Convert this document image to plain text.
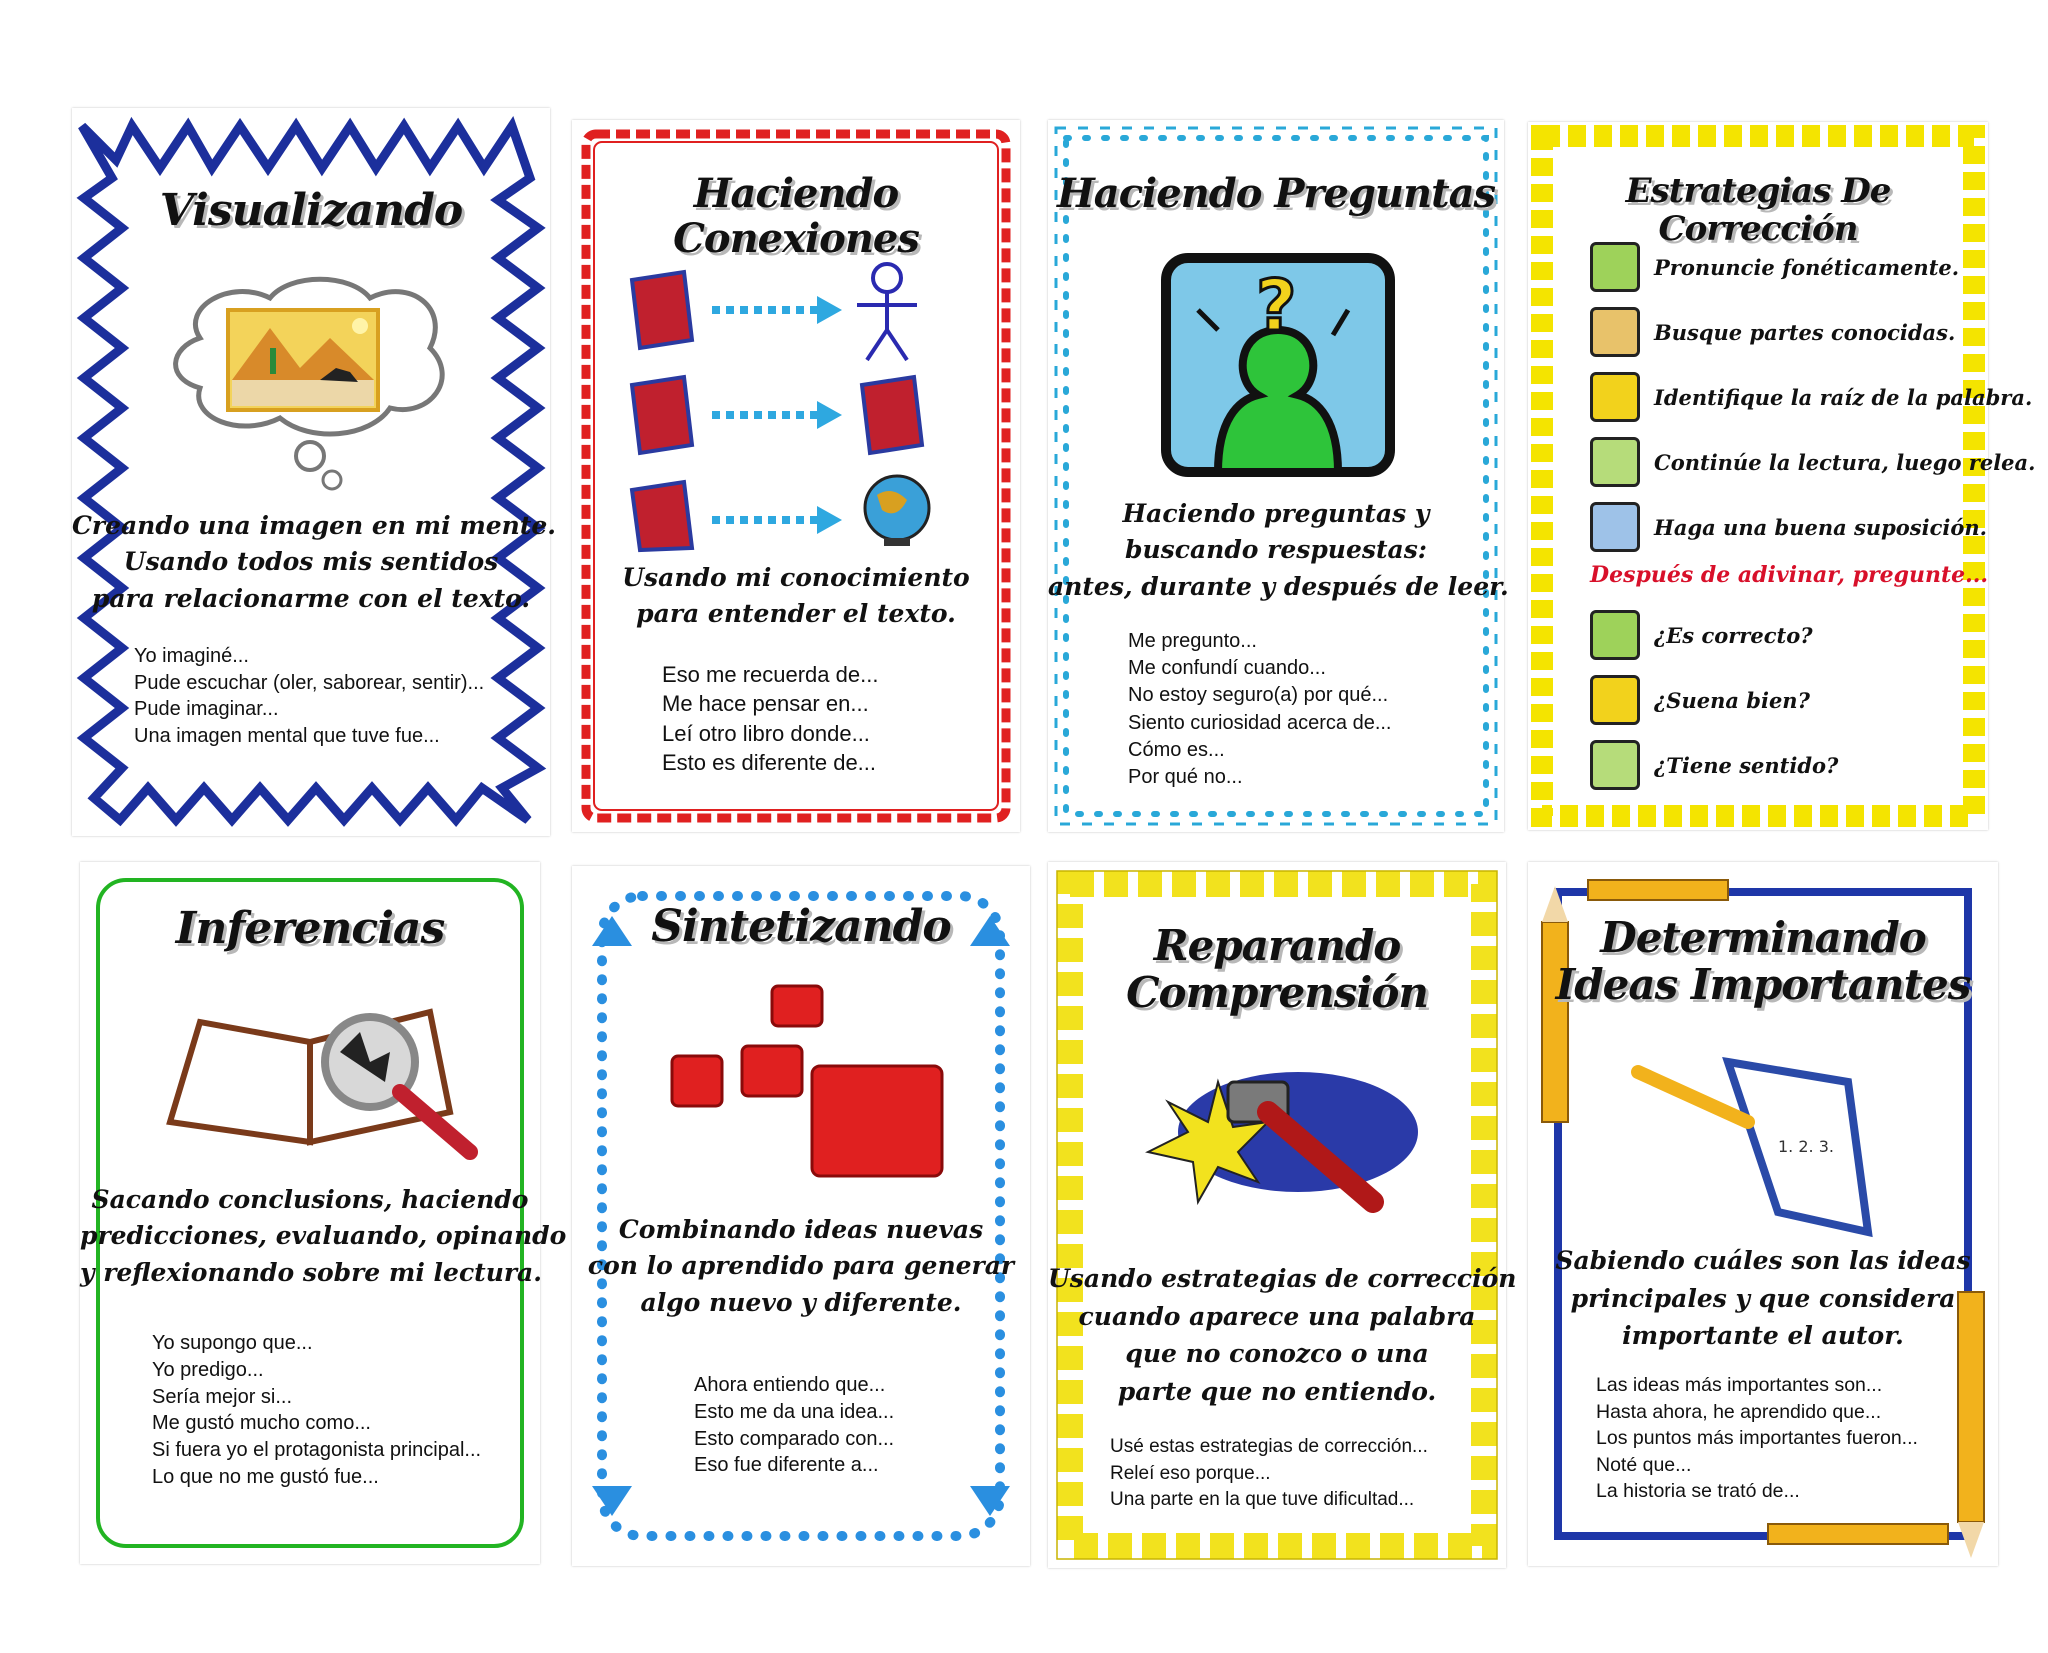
Visualizando
Creando una imagen en mi mente.
Usando todos mis sentidos
para relacionarme con el texto.
Yo imaginé...
Pude escuchar (oler, saborear, sentir)...
Pude imaginar...
Una imagen mental que tuve fue...
Haciendo Conexiones
Usando mi conocimiento
para entender el texto.
Eso me recuerda de...
Me hace pensar en...
Leí otro libro donde...
Esto es diferente de...
Haciendo Preguntas
?
Haciendo preguntas y
buscando respuestas:
antes, durante y después de leer.
Me pregunto...
Me confundí cuando...
No estoy seguro(a) por qué...
Siento curiosidad acerca de...
Cómo es...
Por qué no...
Estrategias De Corrección
Pronuncie fonéticamente.
Busque partes conocidas.
Identifique la raíz de la palabra.
Continúe la lectura, luego relea.
Haga una buena suposición.
Después de adivinar, pregunte...
¿Es correcto?
¿Suena bien?
¿Tiene sentido?
Inferencias
Sacando conclusions, haciendo
predicciones, evaluando, opinando
y reflexionando sobre mi lectura.
Yo supongo que...
Yo predigo...
Sería mejor si...
Me gustó mucho como...
Si fuera yo el protagonista principal...
Lo que no me gustó fue...
Sintetizando
Combinando ideas nuevas
con lo aprendido para generar
algo nuevo y diferente.
Ahora entiendo que...
Esto me da una idea...
Esto comparado con...
Eso fue diferente a...
Reparando
Comprensión
Usando estrategias de corrección
cuando aparece una palabra
que no conozco o una
parte que no entiendo.
Usé estas estrategias de corrección...
Releí eso porque...
Una parte en la que tuve dificultad...
Determinando
Ideas Importantes
1. 2. 3.
Sabiendo cuáles son las ideas
principales y que considera
importante el autor.
Las ideas más importantes son...
Hasta ahora, he aprendido que...
Los puntos más importantes fueron...
Noté que...
La historia se trató de...
